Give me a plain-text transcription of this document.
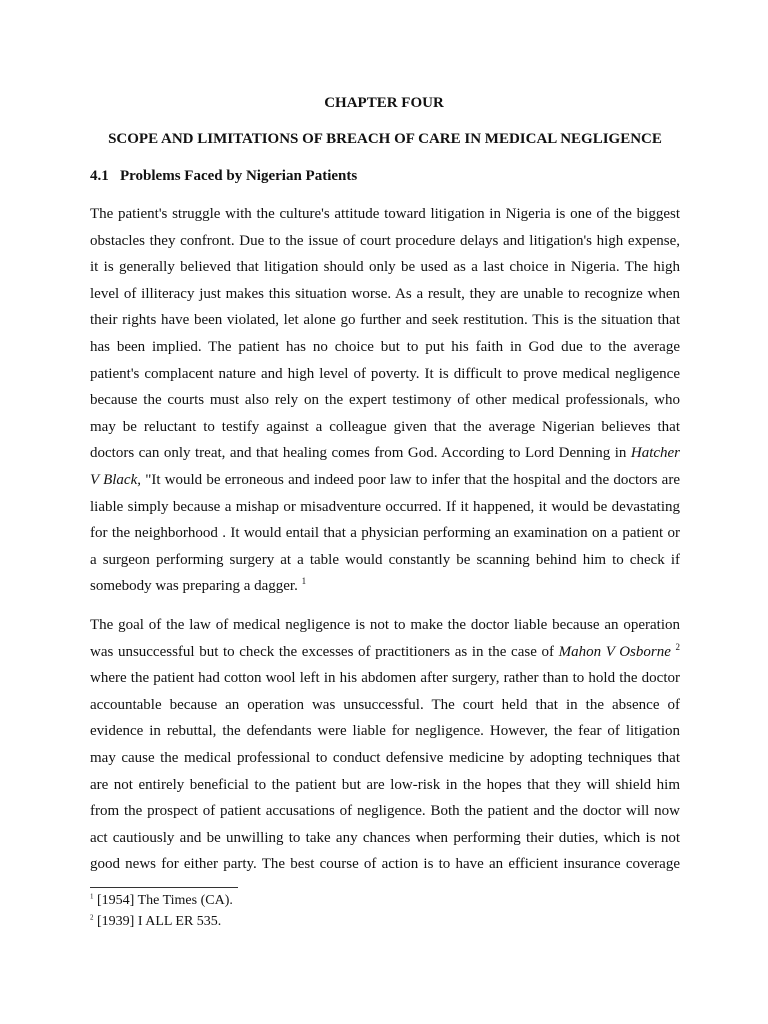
CHAPTER FOUR
SCOPE AND LIMITATIONS OF BREACH OF CARE IN MEDICAL NEGLIGENCE
4.1 Problems Faced by Nigerian Patients
The patient's struggle with the culture's attitude toward litigation in Nigeria is one of the biggest
obstacles they confront. Due to the issue of court procedure delays and litigation's high expense,
it is generally believed that litigation should only be used as a last choice in Nigeria. The high
level of illiteracy just makes this situation worse. As a result, they are unable to recognize when
their rights have been violated, let alone go further and seek restitution. This is the situation that
has been implied. The patient has no choice but to put his faith in God due to the average
patient's complacent nature and high level of poverty. It is difficult to prove medical negligence
because the courts must also rely on the expert testimony of other medical professionals, who
may be reluctant to testify against a colleague given that the average Nigerian believes that
doctors can only treat, and that healing comes from God. According to Lord Denning in Hatcher
V Black, "It would be erroneous and indeed poor law to infer that the hospital and the doctors are
liable simply because a mishap or misadventure occurred. If it happened, it would be devastating
for the neighborhood . It would entail that a physician performing an examination on a patient or
a surgeon performing surgery at a table would constantly be scanning behind him to check if
somebody was preparing a dagger. $^1$
The goal of the law of medical negligence is not to make the doctor liable because an operation
was unsuccessful but to check the excesses of practitioners as in the case of Mahon V Osborne $^2$
where the patient had cotton wool left in his abdomen after surgery, rather than to hold the doctor
accountable because an operation was unsuccessful. The court held that in the absence of
evidence in rebuttal, the defendants were liable for negligence. However, the fear of litigation
may cause the medical professional to conduct defensive medicine by adopting techniques that
are not entirely beneficial to the patient but are low-risk in the hopes that they will shield him
from the prospect of patient accusations of negligence. Both the patient and the doctor will now
act cautiously and be unwilling to take any chances when performing their duties, which is not
good news for either party. The best course of action is to have an efficient insurance coverage
$^1$ [1954] The Times (CA).
$^2$ [1939] I ALL ER 535.
